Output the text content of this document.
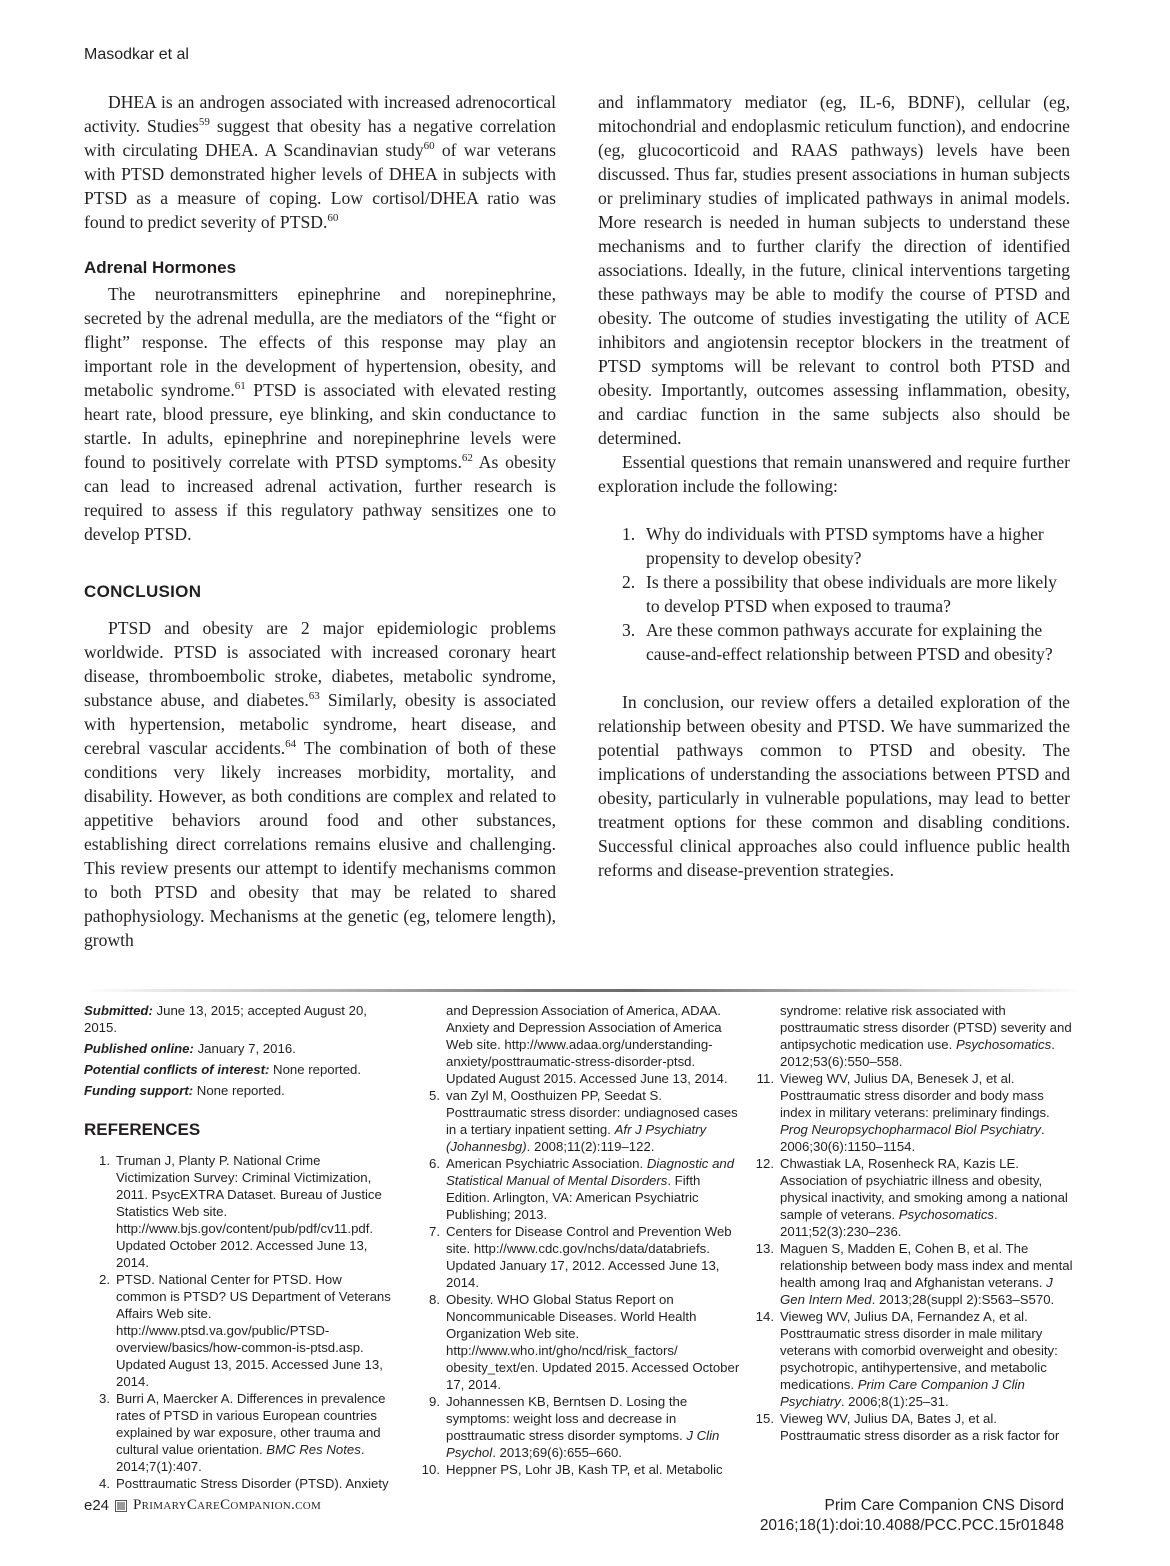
Masodkar et al

DHEA is an androgen associated with increased adrenocortical activity. Studies$^{59}$ suggest that obesity has a negative correlation with circulating DHEA. A Scandinavian study$^{60}$ of war veterans with PTSD demonstrated higher levels of DHEA in subjects with PTSD as a measure of coping. Low cortisol/DHEA ratio was found to predict severity of PTSD.$^{60}$

Adrenal Hormones

The neurotransmitters epinephrine and norepinephrine, secreted by the adrenal medulla, are the mediators of the “fight or flight” response. The effects of this response may play an important role in the development of hypertension, obesity, and metabolic syndrome.$^{61}$ PTSD is associated with elevated resting heart rate, blood pressure, eye blinking, and skin conductance to startle. In adults, epinephrine and norepinephrine levels were found to positively correlate with PTSD symptoms.$^{62}$ As obesity can lead to increased adrenal activation, further research is required to assess if this regulatory pathway sensitizes one to develop PTSD.

CONCLUSION

PTSD and obesity are 2 major epidemiologic problems worldwide. PTSD is associated with increased coronary heart disease, thromboembolic stroke, diabetes, metabolic syndrome, substance abuse, and diabetes.$^{63}$ Similarly, obesity is associated with hypertension, metabolic syndrome, heart disease, and cerebral vascular accidents.$^{64}$ The combination of both of these conditions very likely increases morbidity, mortality, and disability. However, as both conditions are complex and related to appetitive behaviors around food and other substances, establishing direct correlations remains elusive and challenging. This review presents our attempt to identify mechanisms common to both PTSD and obesity that may be related to shared pathophysiology. Mechanisms at the genetic (eg, telomere length), growth

and inflammatory mediator (eg, IL-6, BDNF), cellular (eg, mitochondrial and endoplasmic reticulum function), and endocrine (eg, glucocorticoid and RAAS pathways) levels have been discussed. Thus far, studies present associations in human subjects or preliminary studies of implicated pathways in animal models. More research is needed in human subjects to understand these mechanisms and to further clarify the direction of identified associations. Ideally, in the future, clinical interventions targeting these pathways may be able to modify the course of PTSD and obesity. The outcome of studies investigating the utility of ACE inhibitors and angiotensin receptor blockers in the treatment of PTSD symptoms will be relevant to control both PTSD and obesity. Importantly, outcomes assessing inflammation, obesity, and cardiac function in the same subjects also should be determined.

Essential questions that remain unanswered and require further exploration include the following:

1. Why do individuals with PTSD symptoms have a higher propensity to develop obesity?
2. Is there a possibility that obese individuals are more likely to develop PTSD when exposed to trauma?
3. Are these common pathways accurate for explaining the cause-and-effect relationship between PTSD and obesity?

In conclusion, our review offers a detailed exploration of the relationship between obesity and PTSD. We have summarized the potential pathways common to PTSD and obesity. The implications of understanding the associations between PTSD and obesity, particularly in vulnerable populations, may lead to better treatment options for these common and disabling conditions. Successful clinical approaches also could influence public health reforms and disease-prevention strategies.

Submitted: June 13, 2015; accepted August 20, 2015.
Published online: January 7, 2016.
Potential conflicts of interest: None reported.
Funding support: None reported.
REFERENCES
1. Truman J, Planty P. National Crime Victimization Survey: Criminal Victimization, 2011. PsycEXTRA Dataset. Bureau of Justice Statistics Web site. http://www.bjs.gov/content/pub/pdf/cv11.pdf. Updated October 2012. Accessed June 13, 2014.
2. PTSD. National Center for PTSD. How common is PTSD? US Department of Veterans Affairs Web site. http://www.ptsd.va.gov/public/PTSD-overview/basics/how-common-is-ptsd.asp. Updated August 13, 2015. Accessed June 13, 2014.
3. Burri A, Maercker A. Differences in prevalence rates of PTSD in various European countries explained by war exposure, other trauma and cultural value orientation. BMC Res Notes. 2014;7(1):407.
4. Posttraumatic Stress Disorder (PTSD). Anxiety
and Depression Association of America, ADAA. Anxiety and Depression Association of America Web site. http://www.adaa.org/understanding-anxiety/posttraumatic-stress-disorder-ptsd. Updated August 2015. Accessed June 13, 2014.
5. van Zyl M, Oosthuizen PP, Seedat S. Posttraumatic stress disorder: undiagnosed cases in a tertiary inpatient setting. Afr J Psychiatry (Johannesbg). 2008;11(2):119–122.
6. American Psychiatric Association. Diagnostic and Statistical Manual of Mental Disorders. Fifth Edition. Arlington, VA: American Psychiatric Publishing; 2013.
7. Centers for Disease Control and Prevention Web site. http://www.cdc.gov/nchs/data/databriefs. Updated January 17, 2012. Accessed June 13, 2014.
8. Obesity. WHO Global Status Report on Noncommunicable Diseases. World Health Organization Web site. http://www.who.int/gho/ncd/risk_factors/ obesity_text/en. Updated 2015. Accessed October 17, 2014.
9. Johannessen KB, Berntsen D. Losing the symptoms: weight loss and decrease in posttraumatic stress disorder symptoms. J Clin Psychol. 2013;69(6):655–660.
10. Heppner PS, Lohr JB, Kash TP, et al. Metabolic
syndrome: relative risk associated with posttraumatic stress disorder (PTSD) severity and antipsychotic medication use. Psychosomatics. 2012;53(6):550–558.
11. Vieweg WV, Julius DA, Benesek J, et al. Posttraumatic stress disorder and body mass index in military veterans: preliminary findings. Prog Neuropsychopharmacol Biol Psychiatry. 2006;30(6):1150–1154.
12. Chwastiak LA, Rosenheck RA, Kazis LE. Association of psychiatric illness and obesity, physical inactivity, and smoking among a national sample of veterans. Psychosomatics. 2011;52(3):230–236.
13. Maguen S, Madden E, Cohen B, et al. The relationship between body mass index and mental health among Iraq and Afghanistan veterans. J Gen Intern Med. 2013;28(suppl 2):S563–S570.
14. Vieweg WV, Julius DA, Fernandez A, et al. Posttraumatic stress disorder in male military veterans with comorbid overweight and obesity: psychotropic, antihypertensive, and metabolic medications. Prim Care Companion J Clin Psychiatry. 2006;8(1):25–31.
15. Vieweg WV, Julius DA, Bates J, et al. Posttraumatic stress disorder as a risk factor for
e24 PrimaryCareCompanion.com	Prim Care Companion CNS Disord
2016;18(1):doi:10.4088/PCC.PCC.15r01848
